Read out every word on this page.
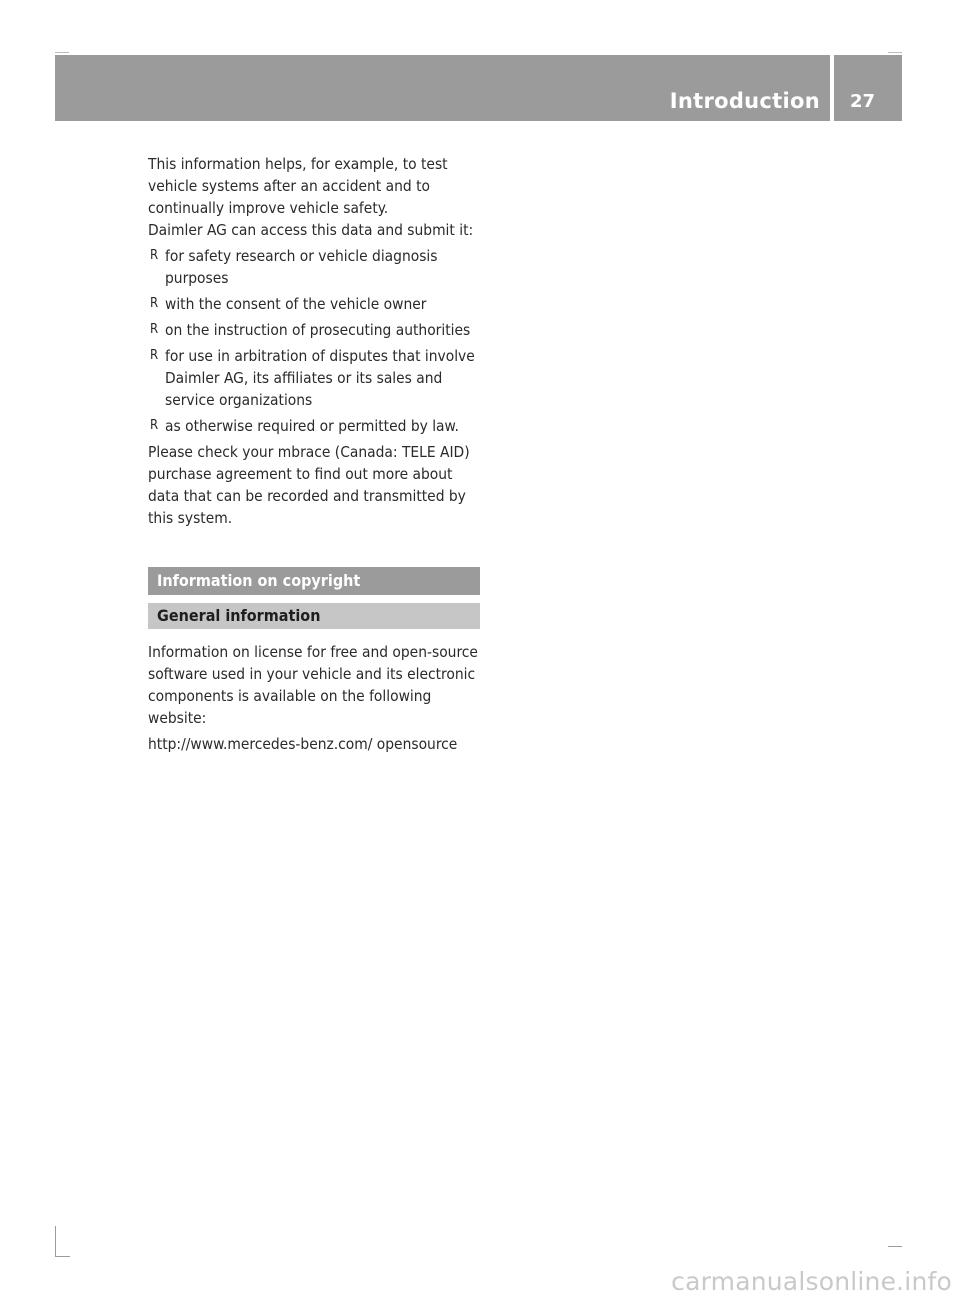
Introduction 27

This information helps, for example, to test vehicle systems after an accident and to continually improve vehicle safety.

Daimler AG can access this data and submit it:

R for safety research or vehicle diagnosis purposes
R with the consent of the vehicle owner
R on the instruction of prosecuting authorities
R for use in arbitration of disputes that involve Daimler AG, its affiliates or its sales and service organizations
R as otherwise required or permitted by law.

Please check your mbrace (Canada: TELE AID) purchase agreement to find out more about data that can be recorded and transmitted by this system.

Information on copyright
General information

Information on license for free and open-source software used in your vehicle and its electronic components is available on the following website:

http://www.mercedes-benz.com/ opensource

carmanualsonline.info
